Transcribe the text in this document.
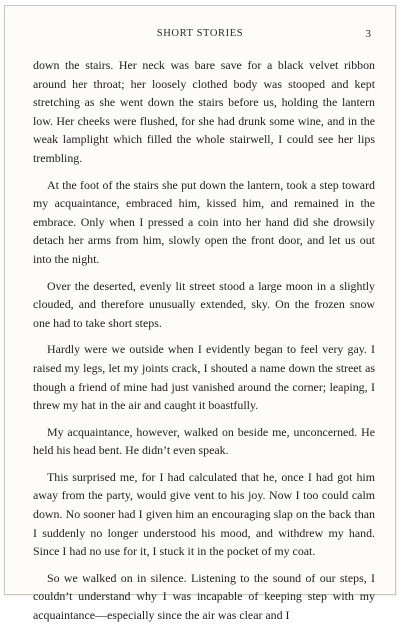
SHORT STORIES	3

down the stairs. Her neck was bare save for a black velvet ribbon around her throat; her loosely clothed body was stooped and kept stretching as she went down the stairs before us, holding the lantern low. Her cheeks were flushed, for she had drunk some wine, and in the weak lamplight which filled the whole stairwell, I could see her lips trembling.

At the foot of the stairs she put down the lantern, took a step toward my acquaintance, embraced him, kissed him, and remained in the embrace. Only when I pressed a coin into her hand did she drowsily detach her arms from him, slowly open the front door, and let us out into the night.

Over the deserted, evenly lit street stood a large moon in a slightly clouded, and therefore unusually extended, sky. On the frozen snow one had to take short steps.

Hardly were we outside when I evidently began to feel very gay. I raised my legs, let my joints crack, I shouted a name down the street as though a friend of mine had just vanished around the corner; leaping, I threw my hat in the air and caught it boastfully.

My acquaintance, however, walked on beside me, unconcerned. He held his head bent. He didn’t even speak.

This surprised me, for I had calculated that he, once I had got him away from the party, would give vent to his joy. Now I too could calm down. No sooner had I given him an encouraging slap on the back than I suddenly no longer understood his mood, and withdrew my hand. Since I had no use for it, I stuck it in the pocket of my coat.

So we walked on in silence. Listening to the sound of our steps, I couldn’t understand why I was incapable of keeping step with my acquaintance—especially since the air was clear and I
